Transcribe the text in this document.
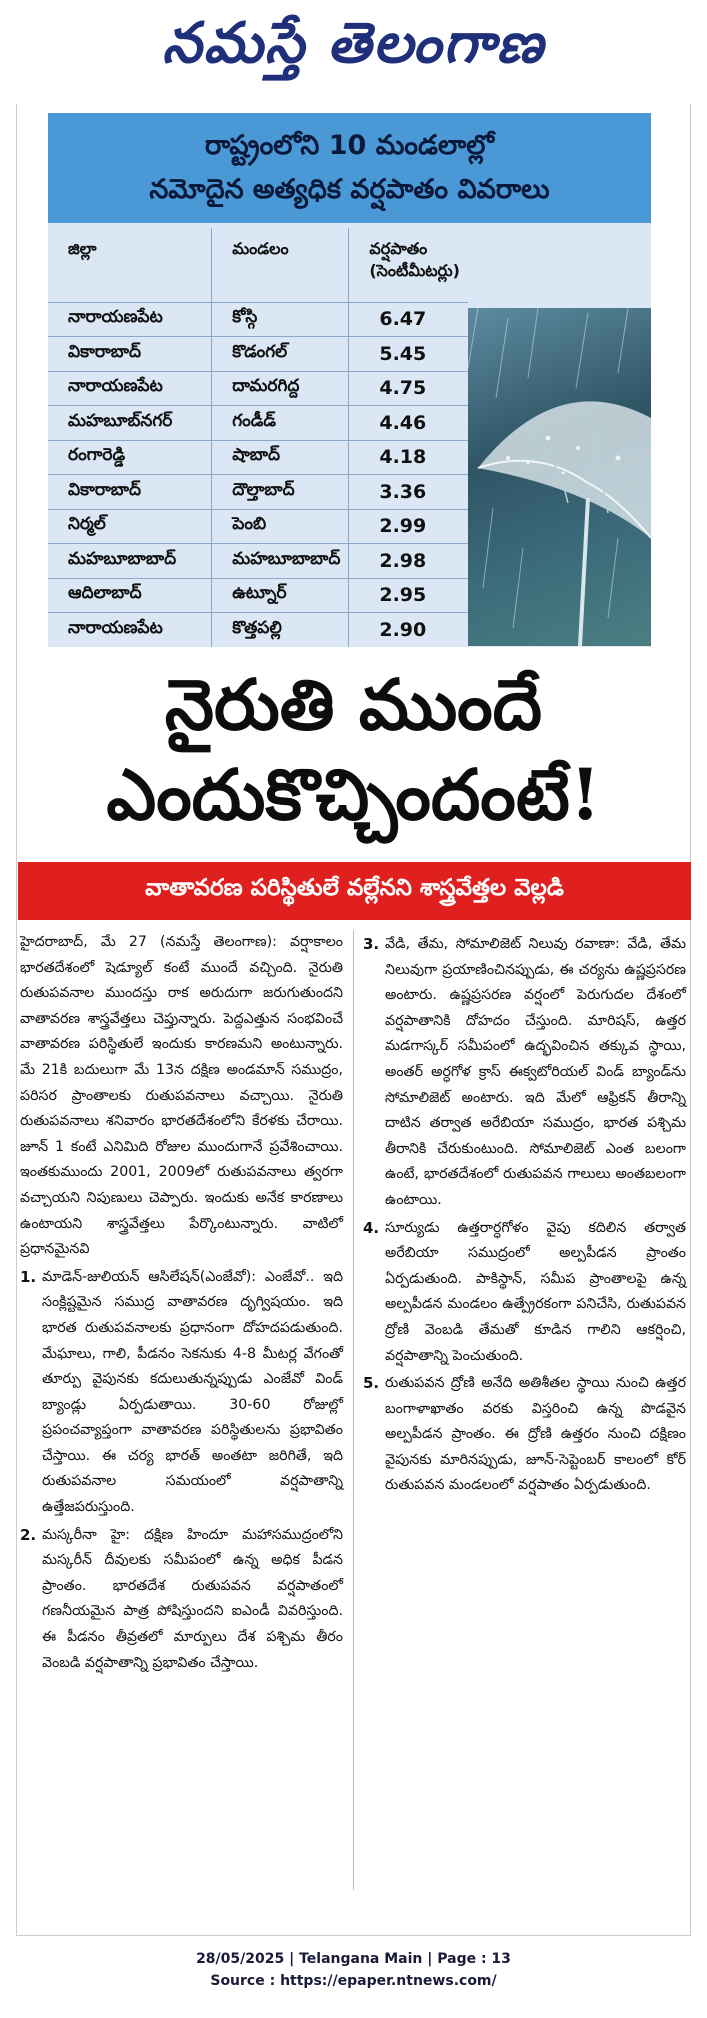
నమస్తే తెలంగాణ
రాష్ట్రంలోని 10 మండలాల్లో
నమోదైన అత్యధిక వర్షపాతం వివరాలు
జిల్లా	మండలం	వర్షపాతం
(సెంటీమీటర్లు)

నారాయణపేట	కోస్గి	6.47
వికారాబాద్	కొడంగల్	5.45
నారాయణపేట	దామరగిద్ద	4.75
మహబూబ్‌నగర్	గండీడ్	4.46
రంగారెడ్డి	షాబాద్	4.18
వికారాబాద్	దౌల్తాబాద్	3.36
నిర్మల్	పెంబి	2.99
మహబూబాబాద్	మహబూబాబాద్	2.98
ఆదిలాబాద్	ఉట్నూర్	2.95
నారాయణపేట	కొత్తపల్లి	2.90
నైరుతి ముందే
ఎందుకొచ్చిందంటే!
వాతావరణ పరిస్థితులే వల్లేనని శాస్త్రవేత్తల వెల్లడి

హైదరాబాద్, మే 27 (నమస్తే తెలంగాణ): వర్షాకాలం భారతదేశంలో షెడ్యూల్ కంటే ముందే వచ్చింది. నైరుతి రుతుపవనాల ముందస్తు రాక అరుదుగా జరుగుతుందని వాతావరణ శాస్త్రవేత్తలు చెప్తున్నారు. పెద్దఎత్తున సంభవించే వాతావరణ పరిస్థితులే ఇందుకు కారణమని అంటున్నారు. మే 21కి బదులుగా మే 13న దక్షిణ అండమాన్ సముద్రం, పరిసర ప్రాంతాలకు రుతుపవనాలు వచ్చాయి. నైరుతి రుతుపవనాలు శనివారం భారతదేశంలోని కేరళకు చేరాయి. జూన్ 1 కంటే ఎనిమిది రోజుల ముందుగానే ప్రవేశించాయి. ఇంతకుముందు 2001, 2009లో రుతుపవనాలు త్వరగా వచ్చాయని నిపుణులు చెప్పారు. ఇందుకు అనేక కారణాలు ఉంటాయని శాస్త్రవేత్తలు పేర్కొంటున్నారు. వాటిలో ప్రధానమైనవి

1. మాడెన్-జులియన్ ఆసిలేషన్(ఎంజేవో): ఎంజేవో.. ఇది సంక్లిష్టమైన సముద్ర వాతావరణ దృగ్విషయం. ఇది భారత రుతుపవనాలకు ప్రధానంగా దోహదపడుతుంది. మేఘాలు, గాలి, పీడనం సెకనుకు 4-8 మీటర్ల వేగంతో తూర్పు వైపునకు కదులుతున్నప్పుడు ఎంజేవో విండ్ బ్యాండ్లు ఏర్పడుతాయి. 30-60 రోజుల్లో ప్రపంచవ్యాప్తంగా వాతావరణ పరిస్థితులను ప్రభావితం చేస్తాయి. ఈ చర్య భారత్ అంతటా జరిగితే, ఇది రుతుపవనాల సమయంలో వర్షపాతాన్ని ఉత్తేజపరుస్తుంది.
2. మస్కరీనా హై: దక్షిణ హిందూ మహాసముద్రంలోని మస్కరీన్ దీవులకు సమీపంలో ఉన్న అధిక పీడన ప్రాంతం. భారతదేశ రుతుపవన వర్షపాతంలో గణనీయమైన పాత్ర పోషిస్తుందని ఐఎండీ వివరిస్తుంది. ఈ పీడనం తీవ్రతలో మార్పులు దేశ పశ్చిమ తీరం వెంబడి వర్షపాతాన్ని ప్రభావితం చేస్తాయి.
3. వేడి, తేమ, సోమాలిజెట్ నిలువు రవాణా: వేడి, తేమ నిలువుగా ప్రయాణించినప్పుడు, ఈ చర్యను ఉష్ణప్రసరణ అంటారు. ఉష్ణప్రసరణ వర్షంలో పెరుగుదల దేశంలో వర్షపాతానికి దోహదం చేస్తుంది. మారిషస్, ఉత్తర మడగాస్కర్ సమీపంలో ఉద్భవించిన తక్కువ స్థాయి, అంతర్ అర్ధగోళ క్రాస్ ఈక్వటోరియల్ విండ్ బ్యాండ్‌ను సోమాలిజెట్ అంటారు. ఇది మేలో ఆఫ్రికన్ తీరాన్ని దాటిన తర్వాత అరేబియా సముద్రం, భారత పశ్చిమ తీరానికి చేరుకుంటుంది. సోమాలిజెట్ ఎంత బలంగా ఉంటే, భారతదేశంలో రుతుపవన గాలులు అంతబలంగా ఉంటాయి.
4. సూర్యుడు ఉత్తరార్ధగోళం వైపు కదిలిన తర్వాత అరేబియా సముద్రంలో అల్పపీడన ప్రాంతం ఏర్పడుతుంది. పాకిస్థాన్, సమీప ప్రాంతాలపై ఉన్న అల్పపీడన మండలం ఉత్ప్రేరకంగా పనిచేసి, రుతుపవన ద్రోణి వెంబడి తేమతో కూడిన గాలిని ఆకర్షించి, వర్షపాతాన్ని పెంచుతుంది.
5. రుతుపవన ద్రోణి అనేది అతిశీతల స్థాయి నుంచి ఉత్తర బంగాళాఖాతం వరకు విస్తరించి ఉన్న పొడవైన అల్పపీడన ప్రాంతం. ఈ ద్రోణి ఉత్తరం నుంచి దక్షిణం వైపునకు మారినప్పుడు, జూన్-సెప్టెంబర్ కాలంలో కోర్ రుతుపవన మండలంలో వర్షపాతం ఏర్పడుతుంది.
28/05/2025 | Telangana Main | Page : 13
Source : https://epaper.ntnews.com/
